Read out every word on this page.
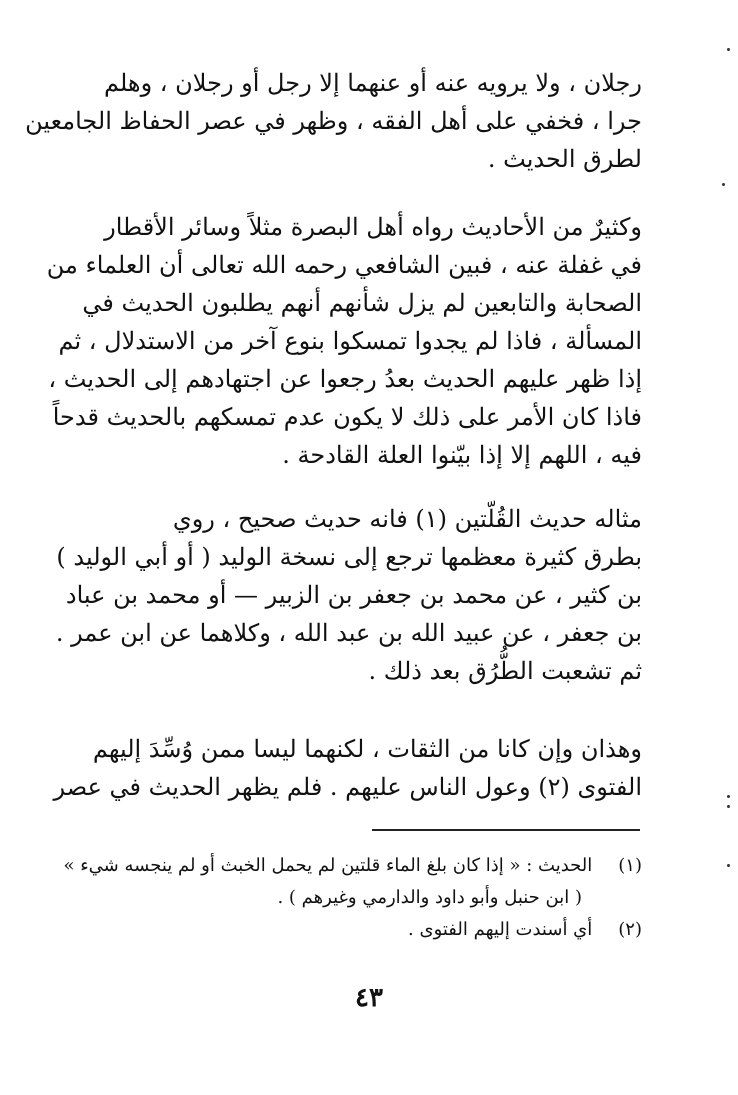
رجلان ، ولا يرويه عنه أو عنهما إلا رجل أو رجلان ، وهلم
جرا ، فخفي على أهل الفقه ، وظهر في عصر الحفاظ الجامعين
لطرق الحديث .
وكثيرٌ من الأحاديث رواه أهل البصرة مثلاً وسائر الأقطار
في غفلة عنه ، فبين الشافعي رحمه الله تعالى أن العلماء من
الصحابة والتابعين لم يزل شأنهم أنهم يطلبون الحديث في
المسألة ، فاذا لم يجدوا تمسكوا بنوع آخر من الاستدلال ، ثم
إذا ظهر عليهم الحديث بعدُ رجعوا عن اجتهادهم إلى الحديث ،
فاذا كان الأمر على ذلك لا يكون عدم تمسكهم بالحديث قدحاً
فيه ، اللهم إلا إذا بيّنوا العلة القادحة .
مثاله حديث القُلّتين (١) فانه حديث صحيح ، روي
بطرق كثيرة معظمها ترجع إلى نسخة الوليد ( أو أبي الوليد )
بن كثير ، عن محمد بن جعفر بن الزبير — أو محمد بن عباد
بن جعفر ، عن عبيد الله بن عبد الله ، وكلاهما عن ابن عمر .
ثم تشعبت الطُّرُق بعد ذلك .
وهذان وإن كانا من الثقات ، لكنهما ليسا ممن وُسِّدَ إليهم
الفتوى (٢) وعول الناس عليهم . فلم يظهر الحديث في عصر
(١) الحديث : « إذا كان بلغ الماء قلتين لم يحمل الخبث أو لم ينجسه شيء »
( ابن حنبل وأبو داود والدارمي وغيرهم ) .
(٢) أي أسندت إليهم الفتوى .
٤٣
